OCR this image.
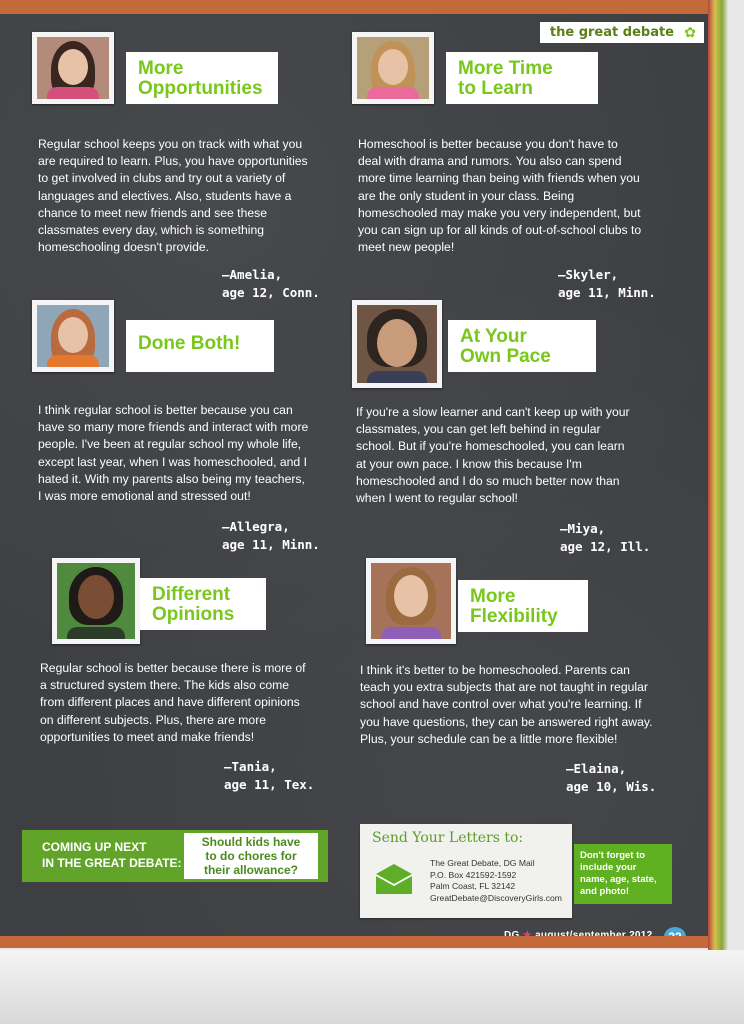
the great debate ✿
More
Opportunities
Regular school keeps you on track with what you are required to learn. Plus, you have opportunities to get involved in clubs and try out a variety of languages and electives. Also, students have a chance to meet new friends and see these classmates every day, which is something homeschooling doesn't provide.
—Amelia,
age 12, Conn.
More Time
to Learn
Homeschool is better because you don't have to deal with drama and rumors. You also can spend more time learning than being with friends when you are the only student in your class. Being homeschooled may make you very independent, but you can sign up for all kinds of out-of-school clubs to meet new people!
—Skyler,
age 11, Minn.
Done Both!
I think regular school is better because you can have so many more friends and interact with more people. I've been at regular school my whole life, except last year, when I was homeschooled, and I hated it. With my parents also being my teachers, I was more emotional and stressed out!
—Allegra,
age 11, Minn.
At Your
Own Pace
If you're a slow learner and can't keep up with your classmates, you can get left behind in regular school. But if you're homeschooled, you can learn at your own pace. I know this because I'm homeschooled and I do so much better now than when I went to regular school!
—Miya,
age 12, Ill.
Different
Opinions
Regular school is better because there is more of a structured system there. The kids also come from different places and have different opinions on different subjects. Plus, there are more opportunities to meet and make friends!
—Tania,
age 11, Tex.
More
Flexibility
I think it's better to be homeschooled. Parents can teach you extra subjects that are not taught in regular school and have control over what you're learning. If you have questions, they can be answered right away. Plus, your schedule can be a little more flexible!
—Elaina,
age 10, Wis.
COMING UP NEXT
IN THE GREAT DEBATE:
Should kids have
to do chores for
their allowance?
Send Your Letters to:
The Great Debate, DG Mail
P.O. Box 421592-1592
Palm Coast, FL 32142
GreatDebate@DiscoveryGirls.com
Don't forget to
include your
name, age, state,
and photo!
